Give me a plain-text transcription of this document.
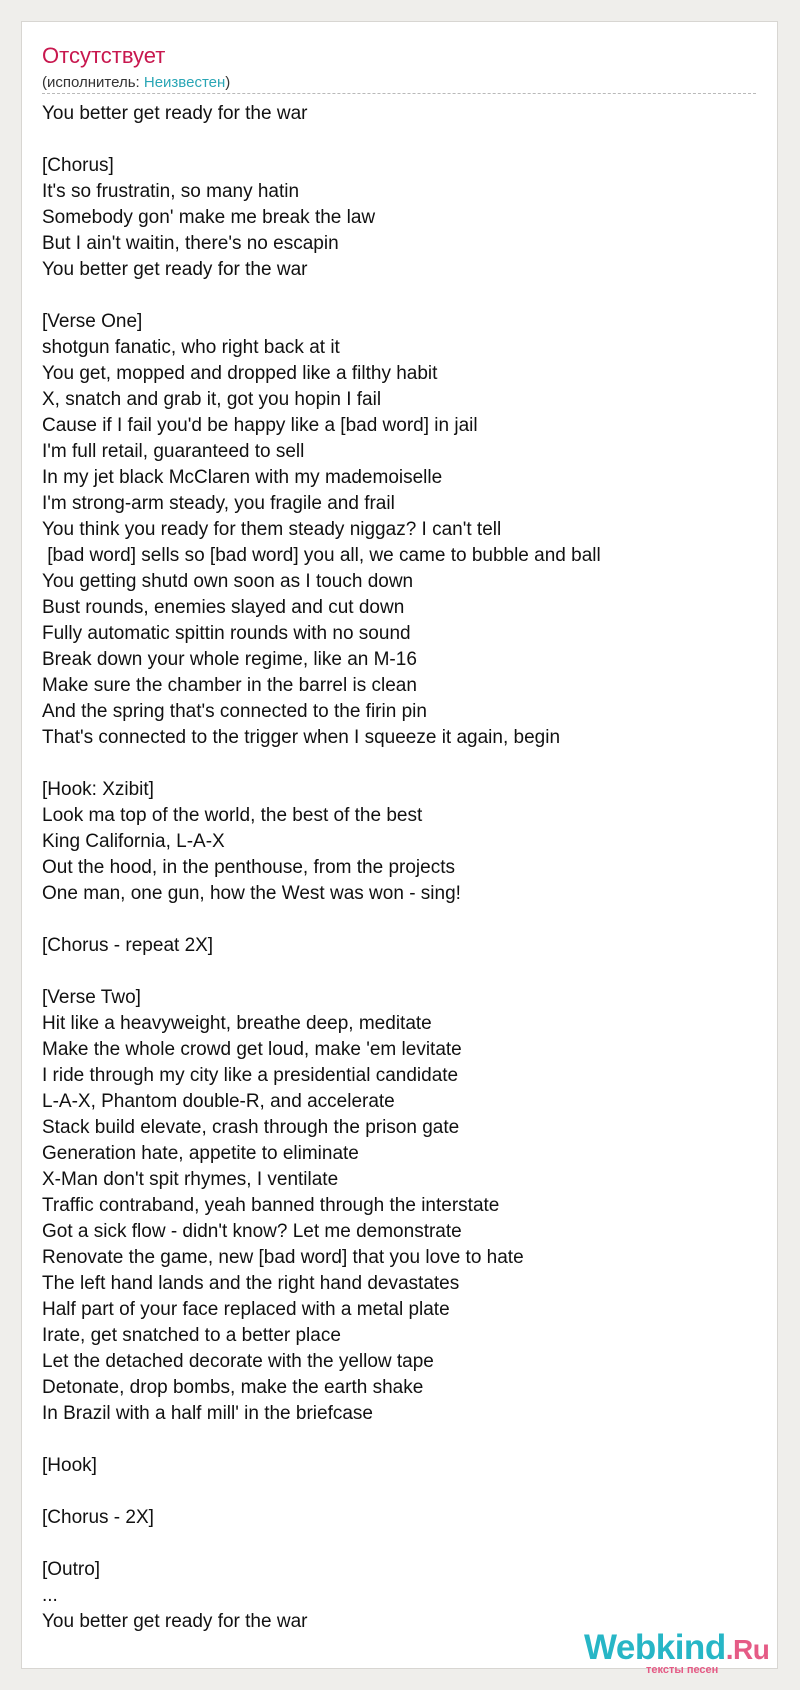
Отсутствует
(исполнитель: Неизвестен)
You better get ready for the war
[Chorus]
It's so frustratin, so many hatin
Somebody gon' make me break the law
But I ain't waitin, there's no escapin
You better get ready for the war
[Verse One]
shotgun fanatic, who right back at it
You get, mopped and dropped like a filthy habit
X, snatch and grab it, got you hopin I fail
Cause if I fail you'd be happy like a [bad word] in jail
I'm full retail, guaranteed to sell
In my jet black McClaren with my mademoiselle
I'm strong-arm steady, you fragile and frail
You think you ready for them steady niggaz? I can't tell
[bad word] sells so [bad word] you all, we came to bubble and ball
You getting shutd own soon as I touch down
Bust rounds, enemies slayed and cut down
Fully automatic spittin rounds with no sound
Break down your whole regime, like an M-16
Make sure the chamber in the barrel is clean
And the spring that's connected to the firin pin
That's connected to the trigger when I squeeze it again, begin
[Hook: Xzibit]
Look ma top of the world, the best of the best
King California, L-A-X
Out the hood, in the penthouse, from the projects
One man, one gun, how the West was won - sing!
[Chorus - repeat 2X]
[Verse Two]
Hit like a heavyweight, breathe deep, meditate
Make the whole crowd get loud, make 'em levitate
I ride through my city like a presidential candidate
L-A-X, Phantom double-R, and accelerate
Stack build elevate, crash through the prison gate
Generation hate, appetite to eliminate
X-Man don't spit rhymes, I ventilate
Traffic contraband, yeah banned through the interstate
Got a sick flow - didn't know? Let me demonstrate
Renovate the game, new [bad word] that you love to hate
The left hand lands and the right hand devastates
Half part of your face replaced with a metal plate
Irate, get snatched to a better place
Let the detached decorate with the yellow tape
Detonate, drop bombs, make the earth shake
In Brazil with a half mill' in the briefcase
[Hook]
[Chorus - 2X]
[Outro]
...
You better get ready for the war
Webkind.Ru
тексты песен
